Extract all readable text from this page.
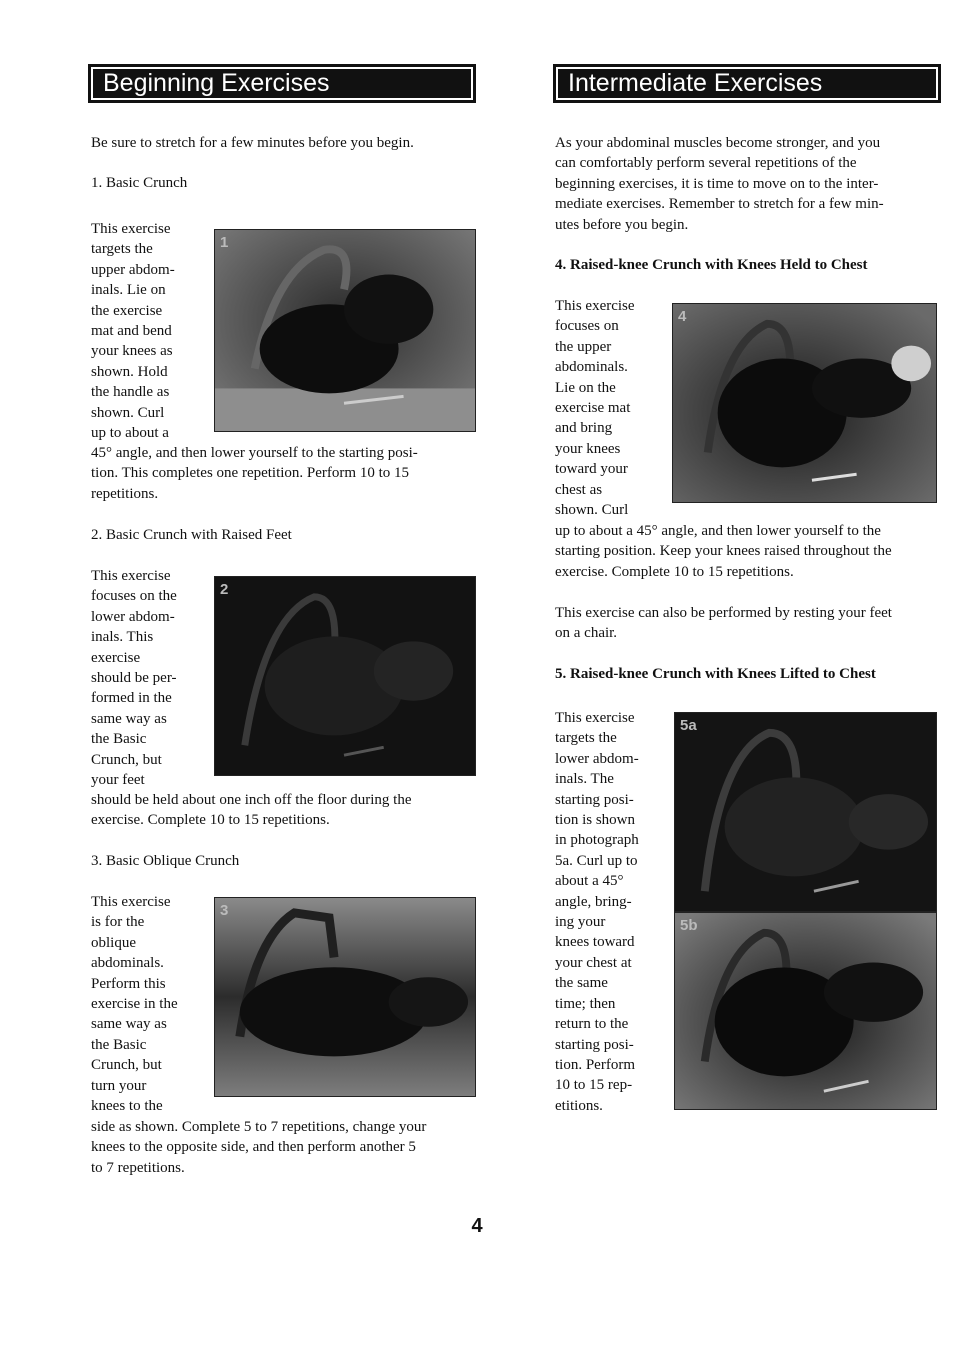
Beginning Exercises	Intermediate Exercises
Be sure to stretch for a few minutes before you begin.
1. Basic Crunch
This exercise
targets the
upper abdom-
inals. Lie on
the exercise
mat and bend
your knees as
shown. Hold
the handle as
shown. Curl
up to about a
1
45° angle, and then lower yourself to the starting posi-
tion. This completes one repetition. Perform 10 to 15
repetitions.
2. Basic Crunch with Raised Feet
This exercise
focuses on the
lower abdom-
inals. This
exercise
should be per-
formed in the
same way as
the Basic
Crunch, but
your feet
2
should be held about one inch off the floor during the
exercise. Complete 10 to 15 repetitions.
3. Basic Oblique Crunch
This exercise
is for the
oblique
abdominals.
Perform this
exercise in the
same way as
the Basic
Crunch, but
turn your
knees to the
3
side as shown. Complete 5 to 7 repetitions, change your
knees to the opposite side, and then perform another 5
to 7 repetitions.
As your abdominal muscles become stronger, and you
can comfortably perform several repetitions of the
beginning exercises, it is time to move on to the inter-
mediate exercises. Remember to stretch for a few min-
utes before you begin.
4. Raised-knee Crunch with Knees Held to Chest
This exercise
focuses on
the upper
abdominals.
Lie on the
exercise mat
and bring
your knees
toward your
chest as
shown. Curl
4
up to about a 45° angle, and then lower yourself to the
starting position. Keep your knees raised throughout the
exercise. Complete 10 to 15 repetitions.
This exercise can also be performed by resting your feet
on a chair.
5. Raised-knee Crunch with Knees Lifted to Chest
This exercise
targets the
lower abdom-
inals. The
starting posi-
tion is shown
in photograph
5a. Curl up to
about a 45°
angle, bring-
ing your
knees toward
your chest at
the same
time; then
return to the
starting posi-
tion. Perform
10 to 15 rep-
etitions.
5a
5b
4
